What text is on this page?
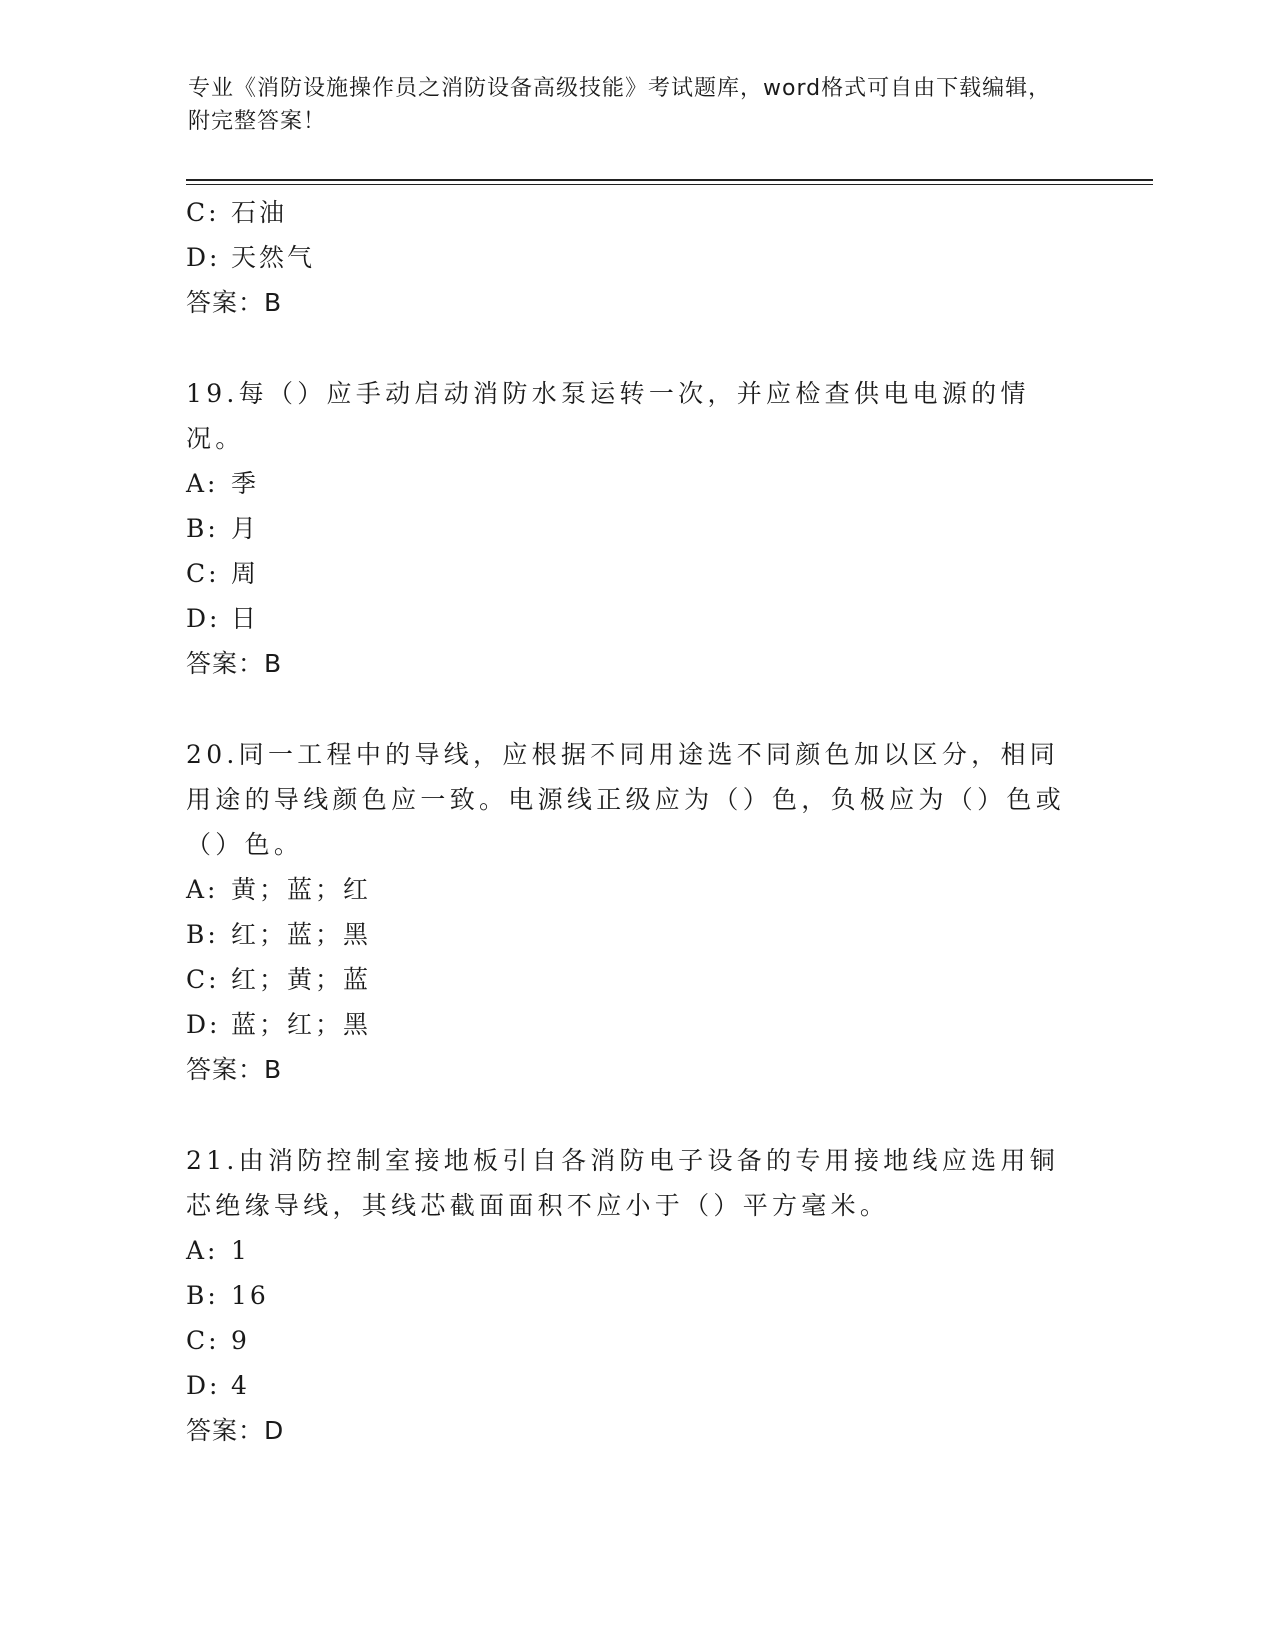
专业《消防设施操作员之消防设备高级技能》考试题库，word格式可自由下载编辑，附完整答案！
C: 石油
D: 天然气
答案：B
19.每（）应手动启动消防水泵运转一次，并应检查供电电源的情况。
A: 季
B: 月
C: 周
D: 日
答案：B
20.同一工程中的导线，应根据不同用途选不同颜色加以区分，相同用途的导线颜色应一致。电源线正级应为（）色，负极应为（）色或（）色。
A: 黄；蓝；红
B: 红；蓝；黑
C: 红；黄；蓝
D: 蓝；红；黑
答案：B
21.由消防控制室接地板引自各消防电子设备的专用接地线应选用铜芯绝缘导线，其线芯截面面积不应小于（）平方毫米。
A: 1
B: 16
C: 9
D: 4
答案：D
